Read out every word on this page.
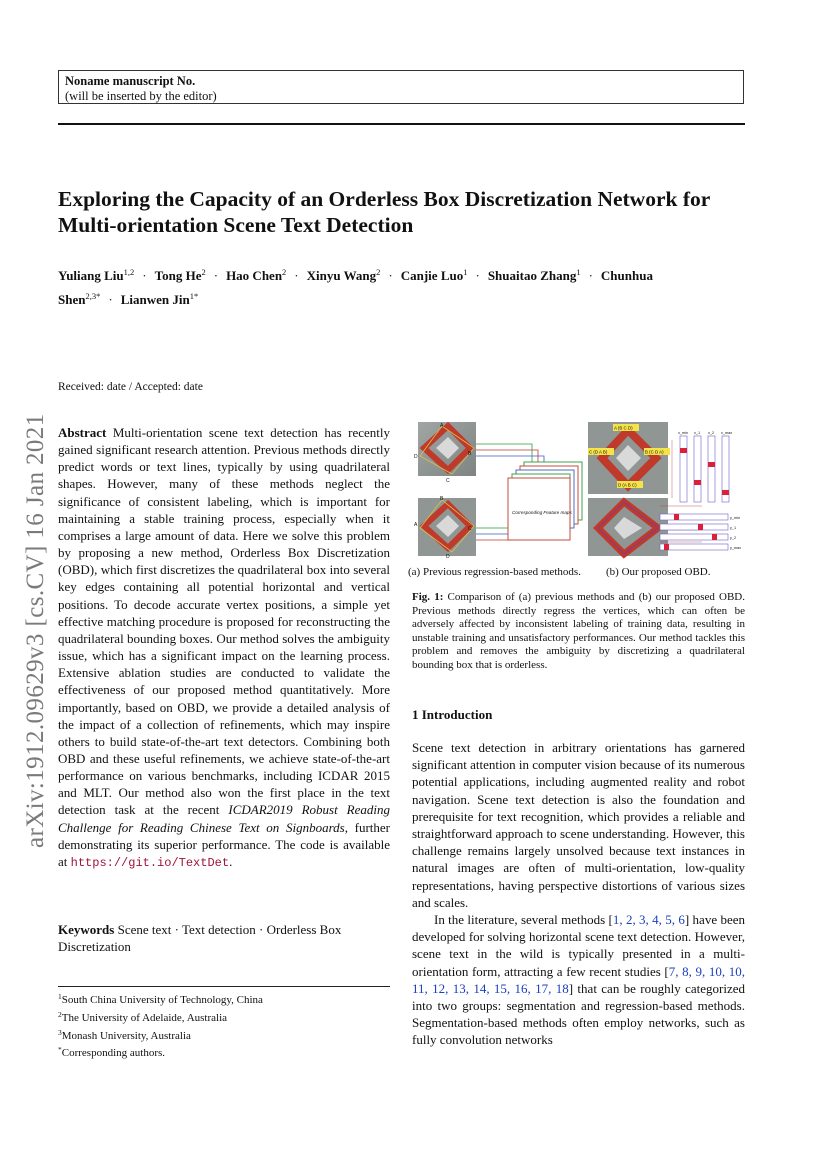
Noname manuscript No.
(will be inserted by the editor)
Exploring the Capacity of an Orderless Box Discretization Network for Multi-orientation Scene Text Detection
Yuliang Liu$^{1,2}$ · Tong $He^2$ · Hao Chen$^2$ · Xinyu Wang$^2$ · Canjie Luo$^1$ · Shuaitao Zhang$^1$ · Chunhua Shen$^{2,3*}$ · Lianwen Jin$^{1*}$
arXiv:1912.09629v3 [cs.CV] 16 Jan 2021
Received: date / Accepted: date
Abstract Multi-orientation scene text detection has recently gained significant research attention. Previous methods directly predict words or text lines, typically by using quadrilateral shapes. However, many of these methods neglect the significance of consistent labeling, which is important for maintaining a stable training process, especially when it comprises a large amount of data. Here we solve this problem by proposing a new method, Orderless Box Discretization (OBD), which first discretizes the quadrilateral box into several key edges containing all potential horizontal and vertical positions. To decode accurate vertex positions, a simple yet effective matching procedure is proposed for reconstructing the quadrilateral bounding boxes. Our method solves the ambiguity issue, which has a significant impact on the learning process. Extensive ablation studies are conducted to validate the effectiveness of our proposed method quantitatively. More importantly, based on OBD, we provide a detailed analysis of the impact of a collection of refinements, which may inspire others to build state-of-the-art text detectors. Combining both OBD and these useful refinements, we achieve state-of-the-art performance on various benchmarks, including ICDAR 2015 and MLT. Our method also won the first place in the text detection task at the recent ICDAR2019 Robust Reading Challenge for Reading Chinese Text on Signboards, further demonstrating its superior performance. The code is available at https://git.io/TextDet.
Keywords Scene text · Text detection · Orderless Box Discretization
$^1$South China University of Technology, China
$^2$The University of Adelaide, Australia
$^3$Monash University, Australia
*Corresponding authors.
A
B
C
D
B
C
D
A
Corresponding Feature maps
A (B C D)
C (D A B)	B (C D A)
D (A B C)
x_min x_1 x_2 x_max
y_min
y_1
y_2
y_max
(a) Previous regression-based methods. (b) Our proposed OBD.
Fig. 1: Comparison of (a) previous methods and (b) our proposed OBD. Previous methods directly regress the vertices, which can often be adversely affected by inconsistent labeling of training data, resulting in unstable training and unsatisfactory performances. Our method tackles this problem and removes the ambiguity by discretizing a quadrilateral bounding box that is orderless.
1 Introduction

Scene text detection in arbitrary orientations has garnered significant attention in computer vision because of its numerous potential applications, including augmented reality and robot navigation. Scene text detection is also the foundation and prerequisite for text recognition, which provides a reliable and straightforward approach to scene understanding. However, this challenge remains largely unsolved because text instances in natural images are often of multi-orientation, low-quality representations, having perspective distortions of various sizes and scales.

In the literature, several methods [1, 2, 3, 4, 5, 6] have been developed for solving horizontal scene text detection. However, scene text in the wild is typically presented in a multi-orientation form, attracting a few recent studies [7, 8, 9, 10, 10, 11, 12, 13, 14, 15, 16, 17, 18] that can be roughly categorized into two groups: segmentation and regression-based methods. Segmentation-based methods often employ networks, such as fully convolution networks
